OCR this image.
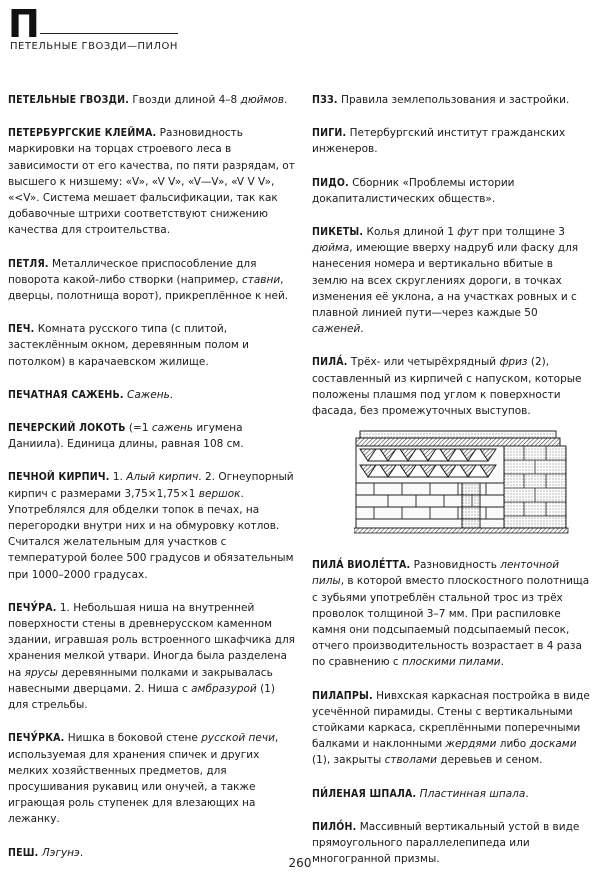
П
ПЕТЕЛЬНЫЕ ГВОЗДИ—ПИЛОН

ПЕТЕЛЬНЫЕ ГВОЗДИ. Гвозди длиной 4–8 дюймов.

ПЕТЕРБУРГСКИЕ КЛЕЙМА. Разновидность маркировки на торцах строевого леса в зависимости от его качества, по пяти разрядам, от высшего к низшему: «V», «V V», «V—V», «V V V», «<V». Система мешает фальсификации, так как добавочные штрихи соответствуют снижению качества для строительства.

ПЕТЛЯ. Металлическое приспособление для поворота какой-либо створки (например, ставни, дверцы, полотнища ворот), прикреплённое к ней.

ПЕЧ. Комната русского типа (с плитой, застеклённым окном, деревянным полом и потолком) в карачаевском жилище.

ПЕЧАТНАЯ САЖЕНЬ. Сажень.

ПЕЧЕРСКИЙ ЛОКОТЬ (=1 сажень игумена Даниила). Единица длины, равная 108 см.

ПЕЧНОЙ КИРПИЧ. 1. Алый кирпич. 2. Огнеупорный кирпич с размерами 3,75×1,75×1 вершок. Употреблялся для обделки топок в печах, на перегородки внутри них и на обмуровку котлов. Считался желательным для участков с температурой более 500 градусов и обязательным при 1000–2000 градусах.

ПЕЧУ́РА. 1. Небольшая ниша на внутренней поверхности стены в древнерусском каменном здании, игравшая роль встроенного шкафчика для хранения мелкой утвари. Иногда была разделена на ярусы деревянными полками и закрывалась навесными дверцами. 2. Ниша с амбразурой (1) для стрельбы.

ПЕЧУ́РКА. Нишка в боковой стене русской печи, используемая для хранения спичек и других мелких хозяйственных предметов, для просушивания рукавиц или онучей, а также играющая роль ступенек для влезающих на лежанку.

ПЕШ. Лэгунэ.

ПЗЗ. Правила землепользования и застройки.

ПИГИ. Петербургский институт гражданских инженеров.

ПИДО. Сборник «Проблемы истории докапиталистических обществ».

ПИКЕТЫ. Колья длиной 1 фут при толщине 3 дюйма, имеющие вверху надруб или фаску для нанесения номера и вертикально вбитые в землю на всех скруглениях дороги, в точках изменения её уклона, а на участках ровных и с плавной линией пути—через каждые 50 саженей.

ПИЛА́. Трёх- или четырёхрядный фриз (2), составленный из кирпичей с напуском, которые положены плашмя под углом к поверхности фасада, без промежуточных выступов.

ПИЛА́ ВИОЛЕ́ТТА. Разновидность ленточной пилы, в которой вместо плоскостного полотнища с зубьями употреблён стальной трос из трёх проволок толщиной 3–7 мм. При распиловке камня они подсыпаемый подсыпаемый песок, отчего производительность возрастает в 4 раза по сравнению с плоскими пилами.

ПИЛАПРЫ. Нивхская каркасная постройка в виде усечённой пирамиды. Стены с вертикальными стойками каркаса, скреплёнными поперечными балками и наклонными жердями либо досками (1), закрыты стволами деревьев и сеном.

ПИ́ЛЕНАЯ ШПАЛА. Пластинная шпала.

ПИЛО́Н. Массивный вертикальный устой в виде прямоугольного параллелепипеда или многогранной призмы.

260
